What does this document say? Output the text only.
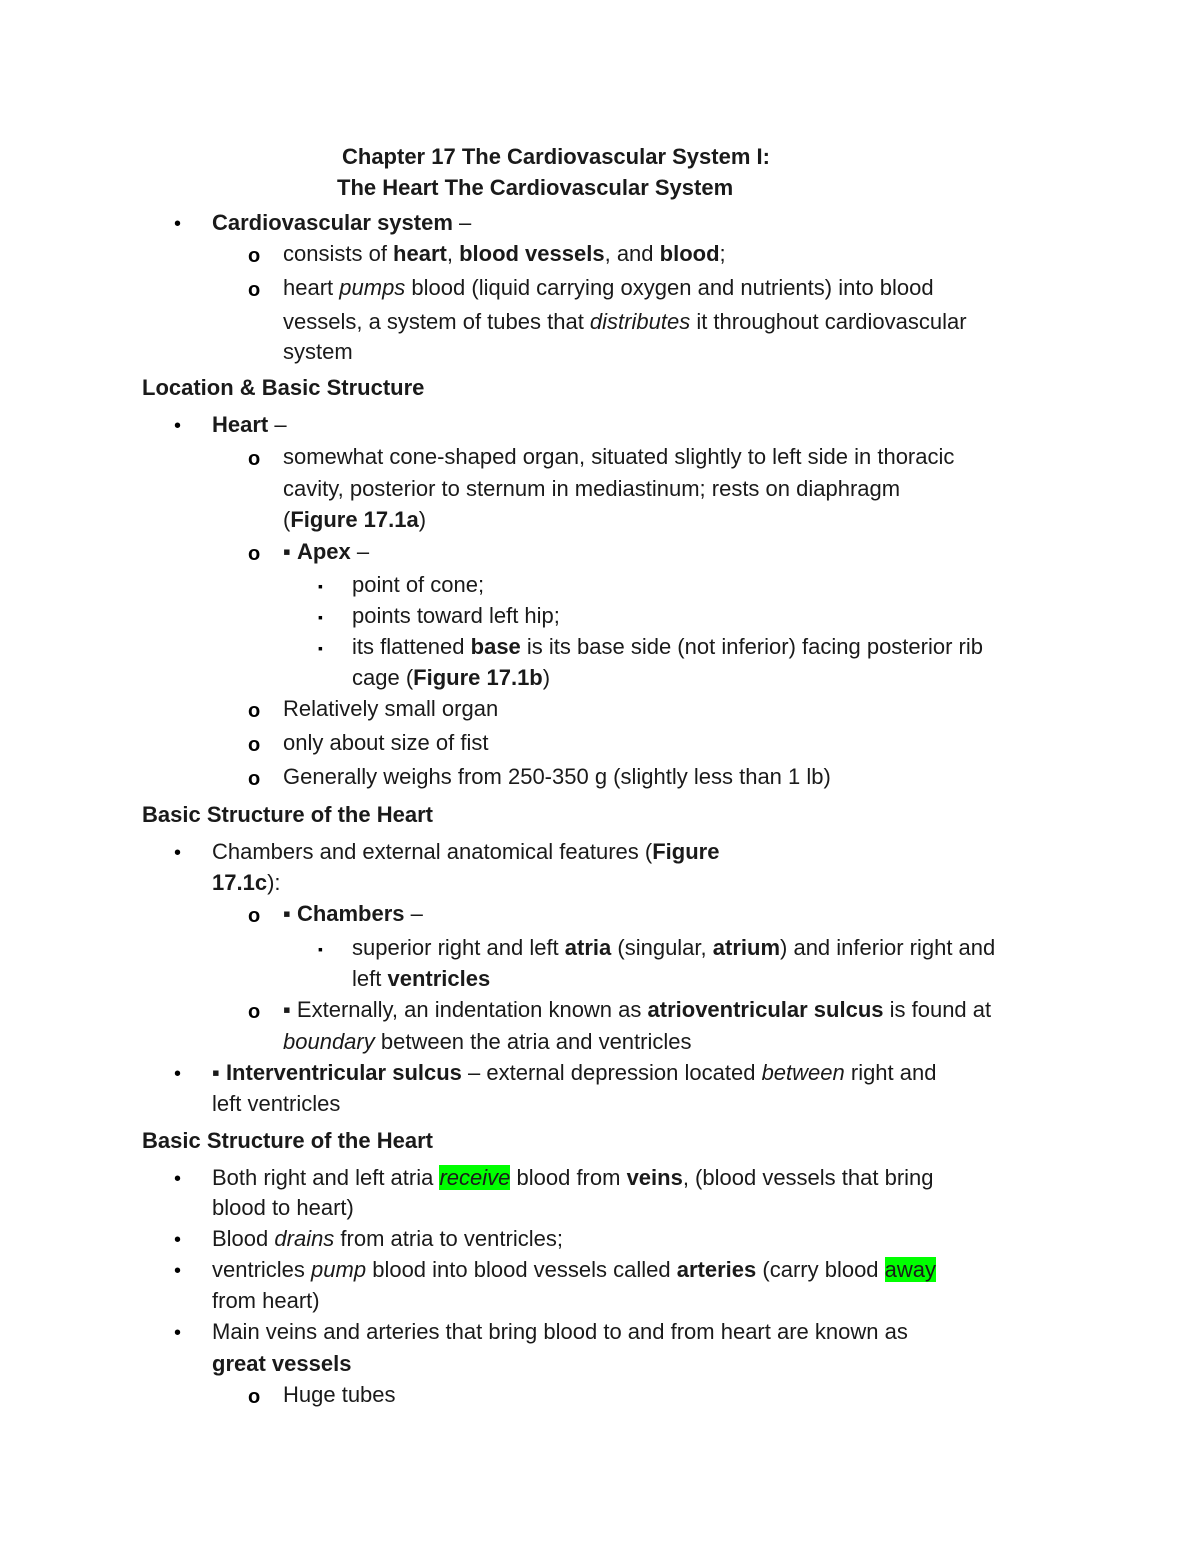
Chapter 17 The Cardiovascular System I:
The Heart The Cardiovascular System
• Cardiovascular system –
o consists of heart, blood vessels, and blood;
o heart pumps blood (liquid carrying oxygen and nutrients) into blood
vessels, a system of tubes that distributes it throughout cardiovascular
system
Location & Basic Structure
• Heart –
o somewhat cone-shaped organ, situated slightly to left side in thoracic
cavity, posterior to sternum in mediastinum; rests on diaphragm
(Figure 17.1a)
o ▪ Apex –
▪ point of cone;
▪ points toward left hip;
▪ its flattened base is its base side (not inferior) facing posterior rib
cage (Figure 17.1b)
o Relatively small organ
o only about size of fist
o Generally weighs from 250-350 g (slightly less than 1 lb)
Basic Structure of the Heart
• Chambers and external anatomical features (Figure
17.1c):
o ▪ Chambers –
▪ superior right and left atria (singular, atrium) and inferior right and
left ventricles
o ▪ Externally, an indentation known as atrioventricular sulcus is found at
boundary between the atria and ventricles
• ▪ Interventricular sulcus – external depression located between right and
left ventricles
Basic Structure of the Heart
• Both right and left atria receive blood from veins, (blood vessels that bring
blood to heart)
• Blood drains from atria to ventricles;
• ventricles pump blood into blood vessels called arteries (carry blood away
from heart)
• Main veins and arteries that bring blood to and from heart are known as
great vessels
o Huge tubes
